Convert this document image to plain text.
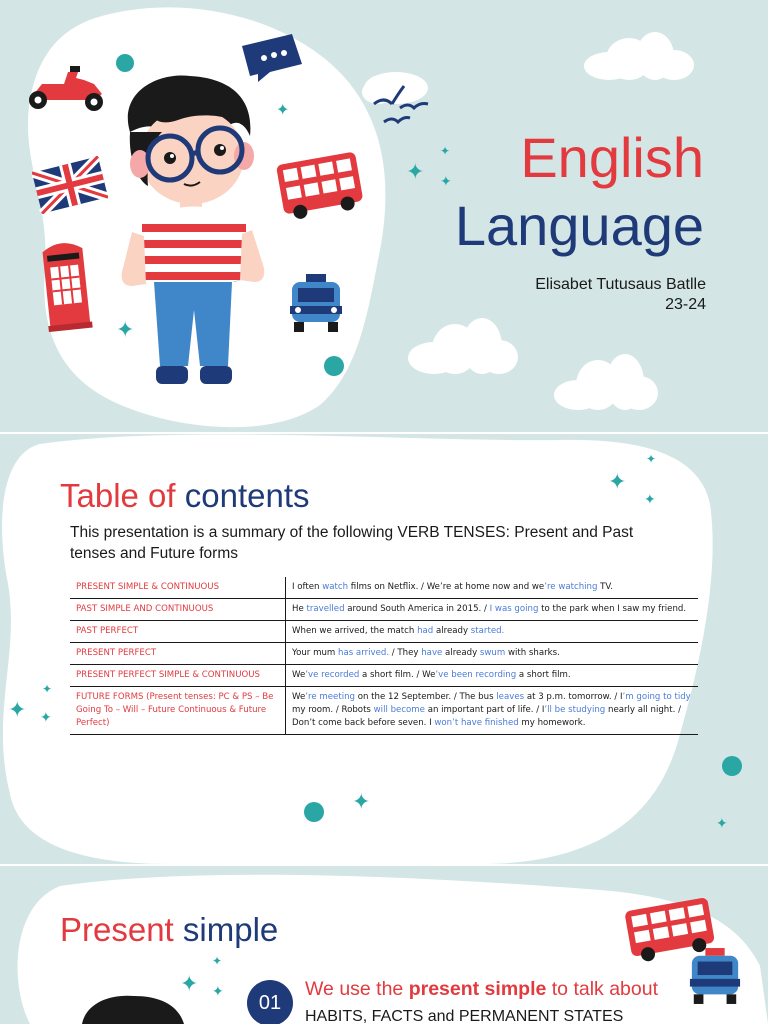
✦
✦
✦
✦
✦ English
Language
Elisabet Tutusaus Batlle
23-24
Table of contents
This presentation is a summary of the following VERB TENSES: Present and Past tenses and Future forms
PRESENT SIMPLE & CONTINUOUS	I often watch films on Netflix. / We’re at home now and we’re watching TV.
PAST SIMPLE AND CONTINUOUS	He travelled around South America in 2015. / I was going to the park when I saw my friend.
PAST PERFECT	When we arrived, the match had already started.
PRESENT PERFECT	Your mum has arrived. / They have already swum with sharks.
PRESENT PERFECT SIMPLE & CONTINUOUS	We’ve recorded a short film. / We’ve been recording a short film.
FUTURE FORMS (Present tenses: PC & PS – Be Going To – Will – Future Continuous & Future Perfect)	We’re meeting on the 12 September. / The bus leaves at 3 p.m. tomorrow. / I’m going to tidy my room. / Robots will become an important part of life. / I’ll be studying nearly all night. / Don’t come back before seven. I won’t have finished my homework.
✦
✦
✦
✦
✦
✦
✦
✦
Present simple
✦
✦
✦	01
We use the present simple to talk about
HABITS, FACTS and PERMANENT STATES
